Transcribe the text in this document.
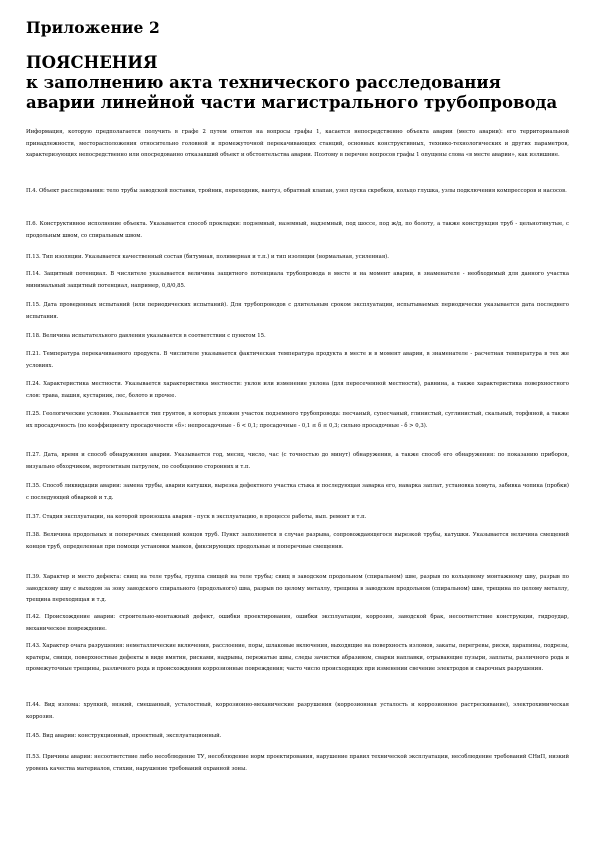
Приложение 2
ПОЯСНЕНИЯ
к заполнению акта технического расследования
аварии линейной части магистрального трубопровода
Информация, которую предполагается получить в графе 2 путем ответов на вопросы графы 1, касается непосредственно объекта аварии (место аварии): его территориальной принадлежности, месторасположения относительно головной и промежуточной перекачивающих станций, основных конструктивных, технико-технологических и других параметров, характеризующих непосредственно или опосредованно отказавший объект и обстоятельства аварии. Поэтому в перечне вопросов графы 1 опущены слова «в месте аварии», как излишние.
П.4. Объект расследования: тело трубы заводской поставки, тройник, переходник, вантуз, обратный клапан, узел пуска скребков, кольцо глушка, узлы подключения компрессоров и насосов.
П.6. Конструктивное исполнение объекта. Указывается способ прокладки: подземный, наземный, надземный, под шоссе, под ж/д, по болоту, а также конструкция труб - цельнотянутые, с продольным швом, со спиральным швом.
П.13. Тип изоляции. Указывается качественный состав (битумная, полимерная и т.п.) и тип изоляции (нормальная, усиленная).
П.14. Защитный потенциал. В числителе указывается величина защитного потенциала трубопровода в месте и на момент аварии, в знаменателе - необходимый для данного участка минимальный защитный потенциал, например, 0,8/0,85.
П.15. Дата проведенных испытаний (или периодических испытаний). Для трубопроводов с длительным сроком эксплуатации, испытываемых периодически указывается дата последнего испытания.
П.18. Величина испытательного давления указывается в соответствии с пунктом 15.
П.21. Температура перекачиваемого продукта. В числителе указывается фактическая температура продукта в месте и в момент аварии, в знаменателе - расчетная температура в тех же условиях.
П.24. Характеристика местности. Указывается характеристика местности: уклон или изменение уклона (для пересеченной местности), равнина, а также характеристика поверхностного слоя: трава, пашня, кустарник, лес, болото и прочее.
П.25. Геологические условия. Указывается тип грунтов, в которых уложен участок подземного трубопровода: песчаный, супесчаный, глинистый, суглинистый, скальный, торфяной, а также их просадочность (по коэффициенту просадочности «δ»: непросадочные - δ < 0,1; просадочные - 0,1 ≤ δ ≤ 0,3; сильно просадочные - δ > 0,3).
П.27. Дата, время и способ обнаружения аварии. Указывается год, месяц, число, час (с точностью до минут) обнаружения, а также способ его обнаружения: по показанию приборов, визуально обходчиком, вертолетным патрулем, по сообщению сторонних и т.п.
П.35. Способ ликвидации аварии: замена трубы, аварии катушки, вырезка дефектного участка стыка и последующая заварка его, наварка заплат, установка хомута, забивка чопика (пробки) с последующей обваркой и т.д.
П.37. Стадия эксплуатации, на которой произошла авария - пуск в эксплуатацию, в процессе работы, вып. ремонт и т.п.
П.38. Величина продольных и поперечных смещений концов труб. Пункт заполняется в случае разрыва, сопровождающегося вырезкой трубы, катушки. Указывается величина смещений концов труб, определенная при помощи установки маяков, фиксирующих продольные и поперечные смещения.
П.39. Характер и место дефекта: свищ на теле трубы, группа свищей на теле трубы; свищ в заводском продольном (спиральном) шве, разрыв по кольцевому монтажному шву, разрыв по заводскому шву с выходом за зону заводского спирального (продольного) шва, разрыв по целому металлу, трещина в заводском продольном (спиральном) шве, трещина по целому металлу, трещина переходящая и т.д.
П.42. Происхождение аварии: строительно-монтажный дефект, ошибки проектирования, ошибки эксплуатации, коррозия, заводской брак, несоответствие конструкции, гидроудар, механическое повреждение.
П.43. Характер очага разрушения: неметаллические включения, расслоение, поры, шлаковые включения, выходящие на поверхность изломов, закаты, перегревы, риски, царапины, подрезы, кратеры, свищи, поверхностные дефекты в виде вмятин, рисками, надрывы, пережатые швы, следы зачистки абразивом, сварки наплавки, отрывающие пузыри, заплаты, различного рода и промежуточные трещины, различного рода и происхождения коррозионные повреждения; часто число происходящих при изменении свечение электродов и сварочных разрушения.
П.44. Вид излома: хрупкий, вязкий, смешанный, усталостный, коррозионно-механические разрушения (коррозионная усталость и коррозионное растрескивание), электрохимическая коррозия.
П.45. Вид аварии: конструкционный, проектный, эксплуатационный.
П.53. Причины аварии: несоответствие либо несоблюдение ТУ, несоблюдение норм проектирования, нарушение правил технической эксплуатации, несоблюдение требований СНиП, низкий уровень качества материалов, стихии, нарушение требований охранной зоны.
